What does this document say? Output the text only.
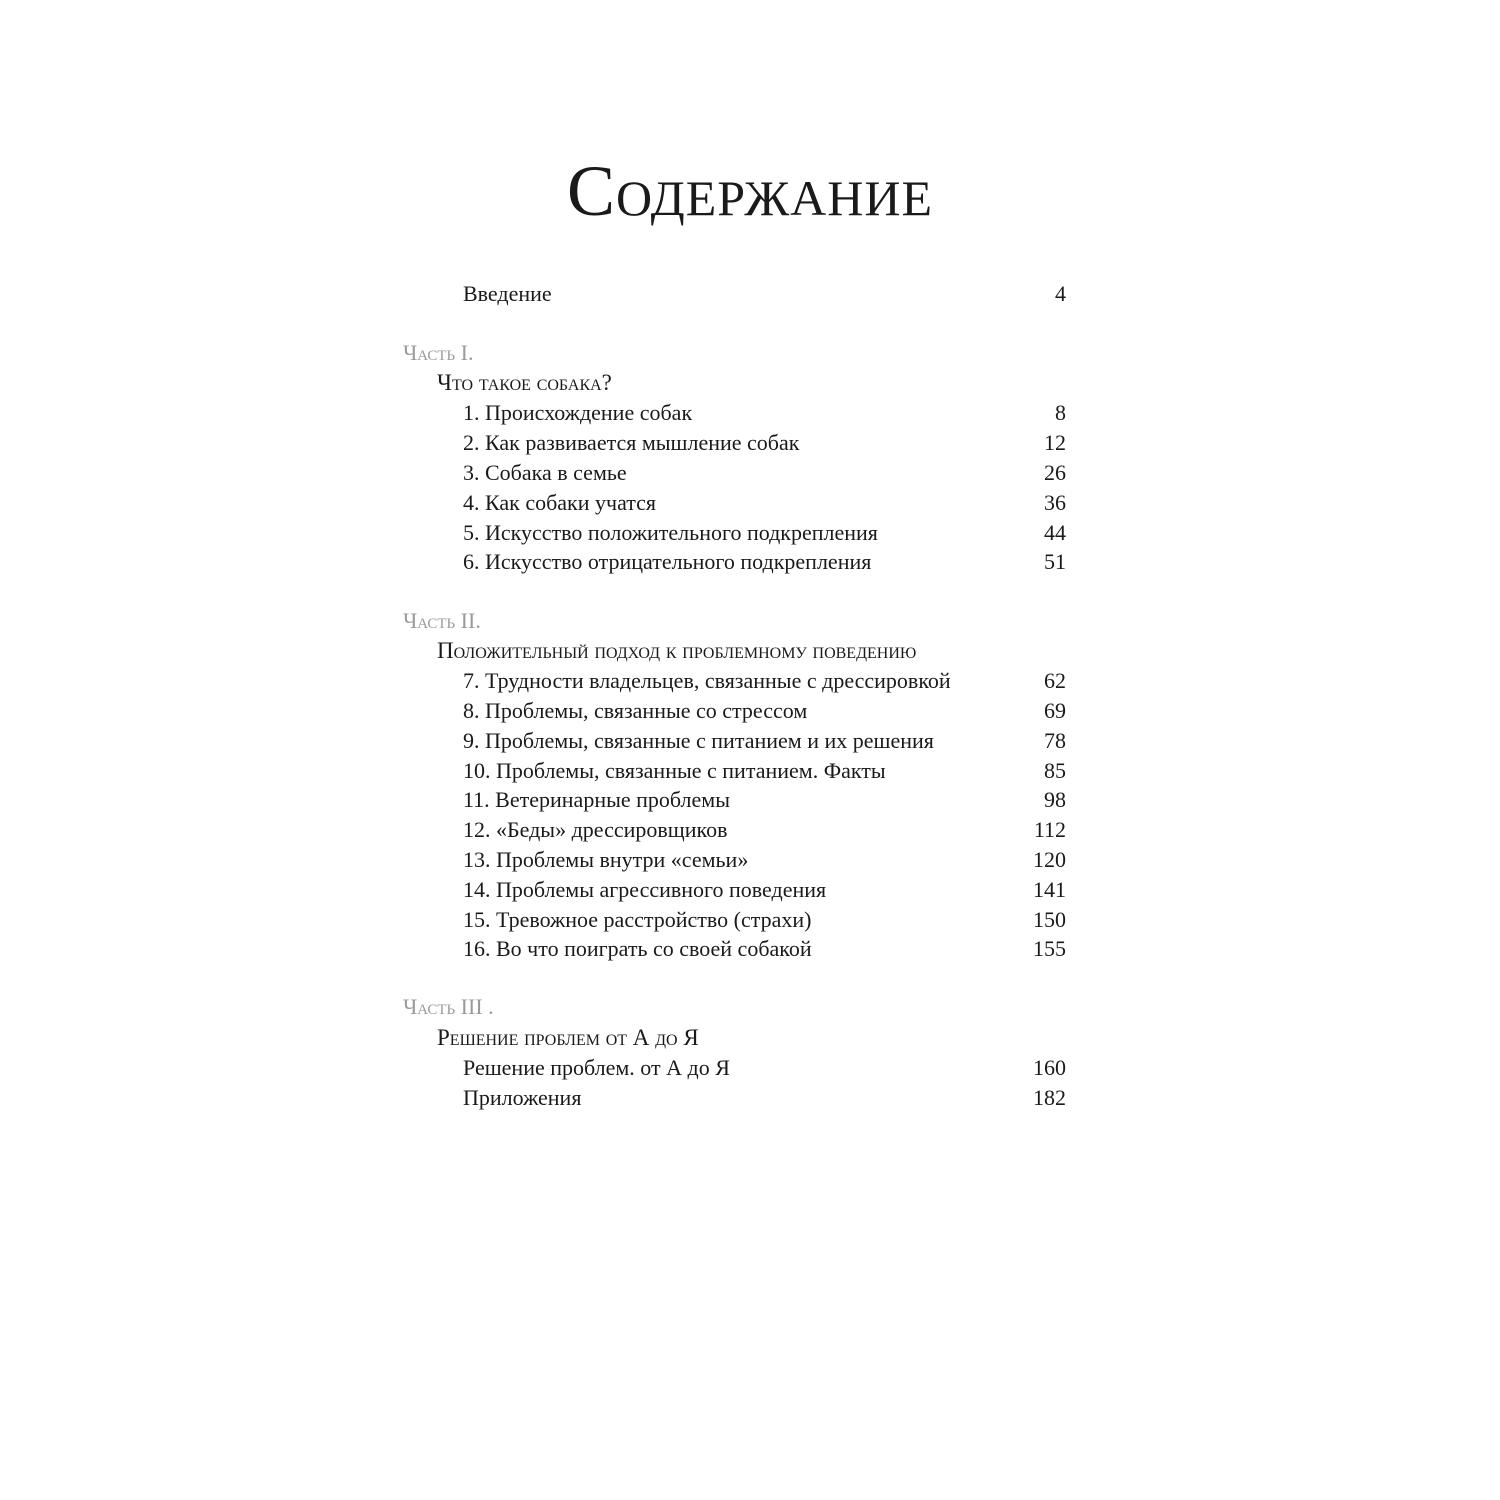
Содержание
Введение	4
Часть I.
Что такое собака?
1. Происхождение собак	8
2. Как развивается мышление собак	12
3. Собака в семье	26
4. Как собаки учатся	36
5. Искусство положительного подкрепления	44
6. Искусство отрицательного подкрепления	51
Часть II.
Положительный подход к проблемному поведению
7. Трудности владельцев, связанные с дрессировкой	62
8. Проблемы, связанные со стрессом	69
9. Проблемы, связанные с питанием и их решения	78
10. Проблемы, связанные с питанием. Факты	85
11. Ветеринарные проблемы	98
12. «Беды» дрессировщиков	112
13. Проблемы внутри «семьи»	120
14. Проблемы агрессивного поведения	141
15. Тревожное расстройство (страхи)	150
16. Во что поиграть со своей собакой	155
Часть III .
Решение проблем от А до Я
Решение проблем. от А до Я	160
Приложения	182
